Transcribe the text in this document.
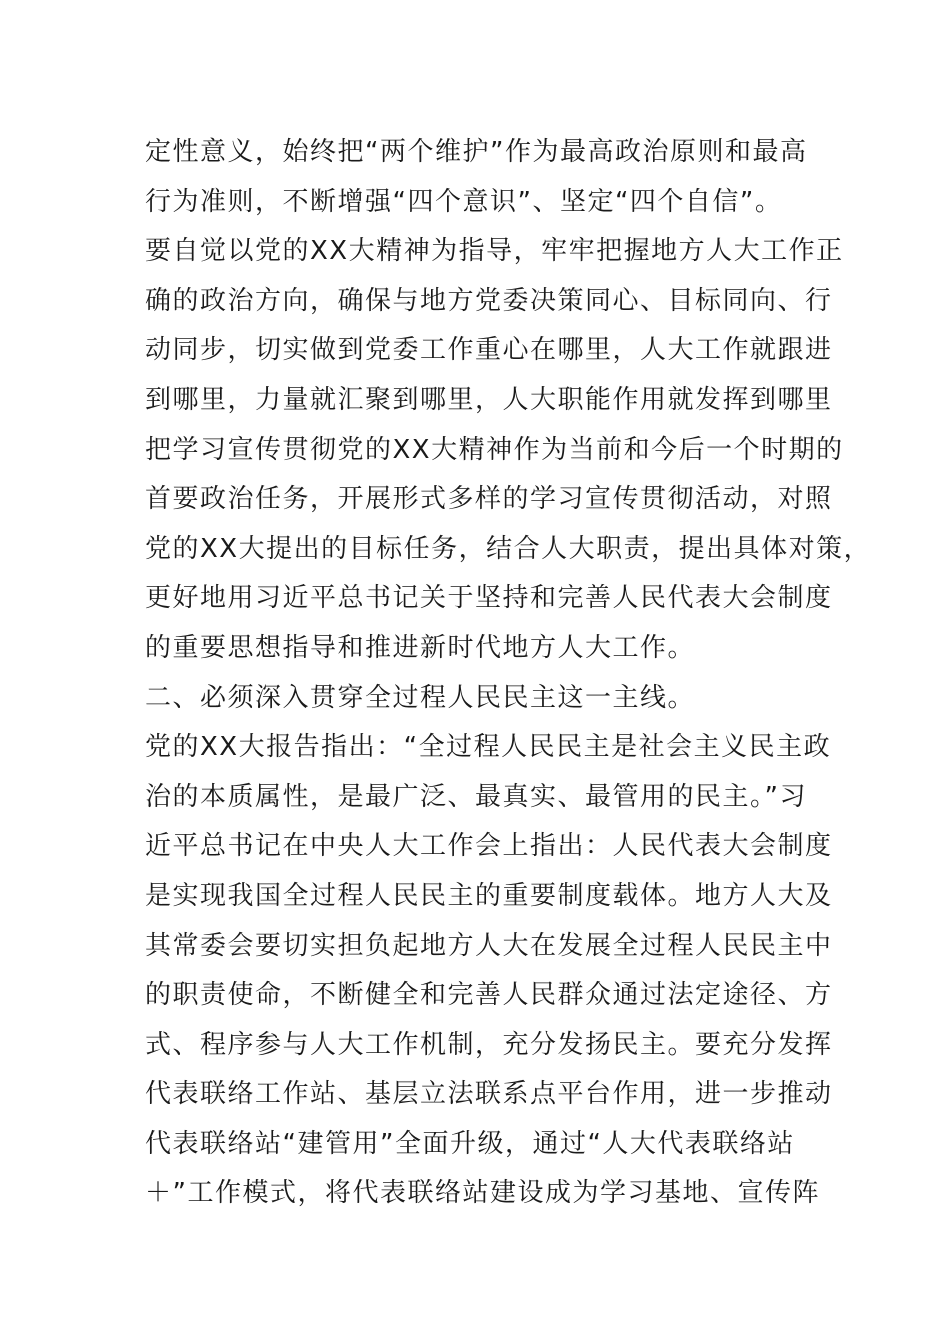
定性意义，始终把“两个维护”作为最高政治原则和最高
行为准则，不断增强“四个意识”、坚定“四个自信”。
要自觉以党的XX大精神为指导，牢牢把握地方人大工作正
确的政治方向，确保与地方党委决策同心、目标同向、行
动同步，切实做到党委工作重心在哪里，人大工作就跟进
到哪里，力量就汇聚到哪里，人大职能作用就发挥到哪里
把学习宣传贯彻党的XX大精神作为当前和今后一个时期的
首要政治任务，开展形式多样的学习宣传贯彻活动，对照
党的XX大提出的目标任务，结合人大职责，提出具体对策，
更好地用习近平总书记关于坚持和完善人民代表大会制度
的重要思想指导和推进新时代地方人大工作。
二、必须深入贯穿全过程人民民主这一主线。
党的XX大报告指出：“全过程人民民主是社会主义民主政
治的本质属性，是最广泛、最真实、最管用的民主。”习
近平总书记在中央人大工作会上指出：人民代表大会制度
是实现我国全过程人民民主的重要制度载体。地方人大及
其常委会要切实担负起地方人大在发展全过程人民民主中
的职责使命，不断健全和完善人民群众通过法定途径、方
式、程序参与人大工作机制，充分发扬民主。要充分发挥
代表联络工作站、基层立法联系点平台作用，进一步推动
代表联络站“建管用”全面升级，通过“人大代表联络站
＋”工作模式，将代表联络站建设成为学习基地、宣传阵
